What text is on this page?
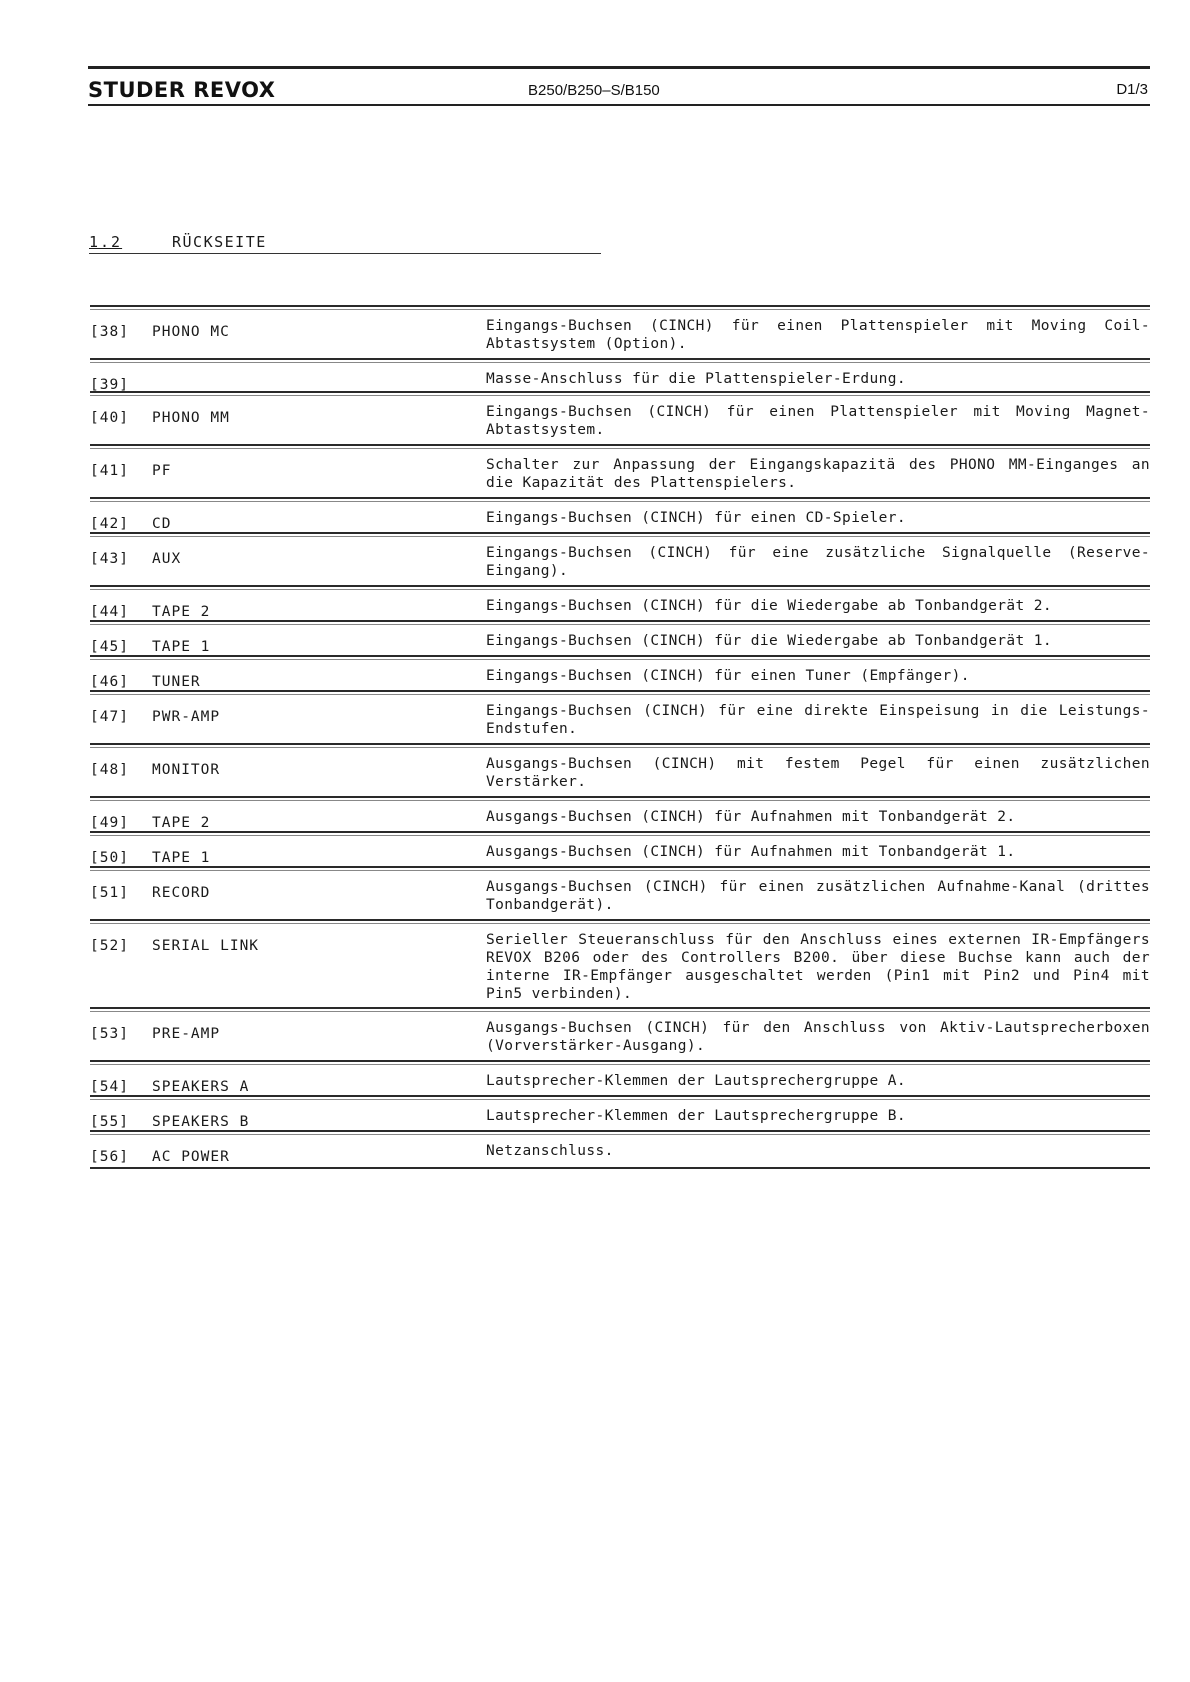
STUDER REVOX	B250/B250–S/B150	D1/3
1.2	RÜCKSEITE
[38] PHONO MC	Eingangs-Buchsen (CINCH) für einen Plattenspieler mit Moving Coil-Abtastsystem (Option).
[39]	Masse-Anschluss für die Plattenspieler-Erdung.
[40] PHONO MM	Eingangs-Buchsen (CINCH) für einen Plattenspieler mit Moving Magnet-Abtastsystem.
[41] PF	Schalter zur Anpassung der Eingangskapazitä des PHONO MM-Einganges an die Kapazität des Plattenspielers.
[42] CD	Eingangs-Buchsen (CINCH) für einen CD-Spieler.
[43] AUX	Eingangs-Buchsen (CINCH) für eine zusätzliche Signalquelle (Reserve-Eingang).
[44] TAPE 2	Eingangs-Buchsen (CINCH) für die Wiedergabe ab Tonbandgerät 2.
[45] TAPE 1	Eingangs-Buchsen (CINCH) für die Wiedergabe ab Tonbandgerät 1.
[46] TUNER	Eingangs-Buchsen (CINCH) für einen Tuner (Empfänger).
[47] PWR-AMP	Eingangs-Buchsen (CINCH) für eine direkte Einspeisung in die Leistungs-Endstufen.
[48] MONITOR	Ausgangs-Buchsen (CINCH) mit festem Pegel für einen zusätzlichen Verstärker.
[49] TAPE 2	Ausgangs-Buchsen (CINCH) für Aufnahmen mit Tonbandgerät 2.
[50] TAPE 1	Ausgangs-Buchsen (CINCH) für Aufnahmen mit Tonbandgerät 1.
[51] RECORD	Ausgangs-Buchsen (CINCH) für einen zusätzlichen Aufnahme-Kanal (drittes Tonbandgerät).
[52] SERIAL LINK	Serieller Steueranschluss für den Anschluss eines externen IR-Empfängers REVOX B206 oder des Controllers B200. über diese Buchse kann auch der interne IR-Empfänger ausgeschaltet werden (Pin1 mit Pin2 und Pin4 mit Pin5 verbinden).
[53] PRE-AMP	Ausgangs-Buchsen (CINCH) für den Anschluss von Aktiv-Lautsprecherboxen (Vorverstärker-Ausgang).
[54] SPEAKERS A	Lautsprecher-Klemmen der Lautsprechergruppe A.
[55] SPEAKERS B	Lautsprecher-Klemmen der Lautsprechergruppe B.
[56] AC POWER	Netzanschluss.
